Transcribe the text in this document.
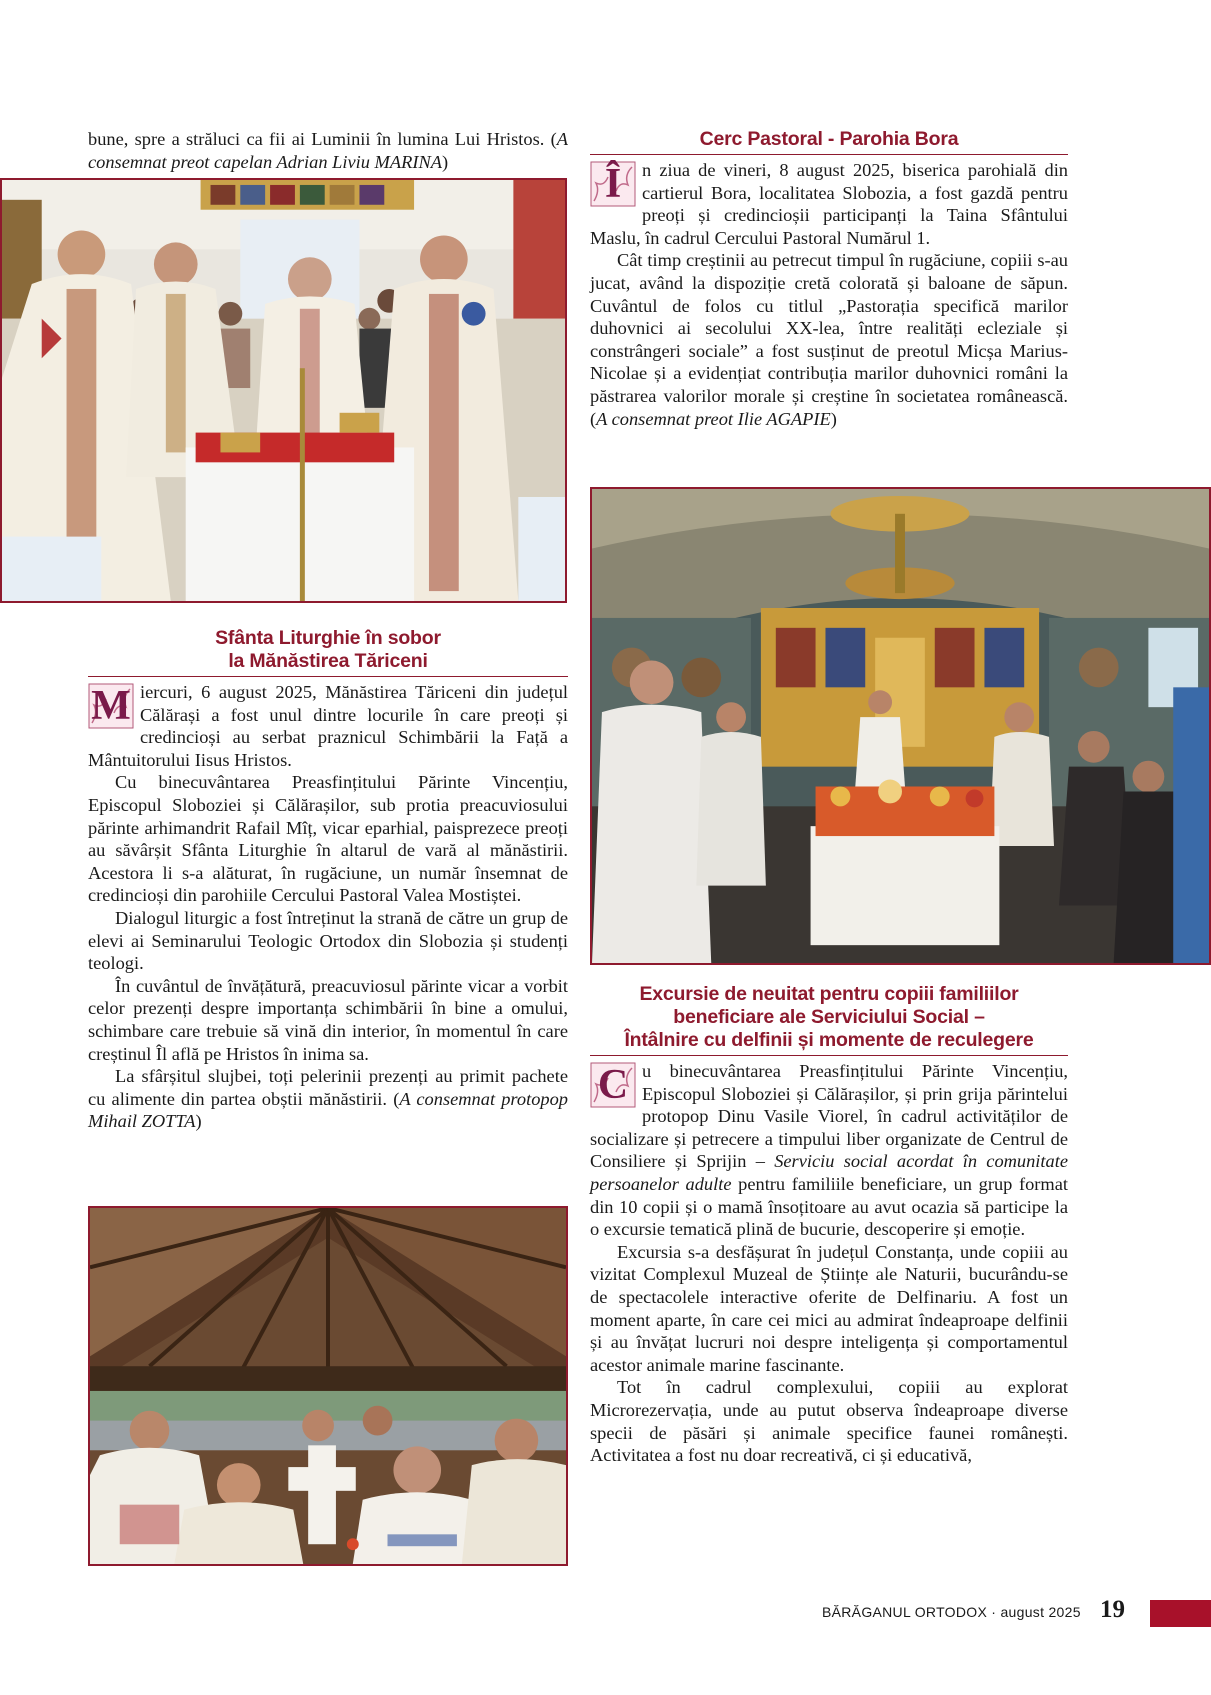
bune, spre a străluci ca fii ai Luminii în lumina Lui Hristos. (A consemnat preot capelan Adrian Liviu MARINA)

Sfânta Liturghie în sobor
la Mănăstirea Tăriceni

M iercuri, 6 august 2025, Mănăstirea Tăriceni din județul Călărași a fost unul dintre locurile în care preoți și credincioși au serbat praznicul Schimbării la Față a Mântuitorului Iisus Hristos.

Cu binecuvântarea Preasfințitului Părinte Vincențiu, Episcopul Sloboziei și Călărașilor, sub protia preacuviosului părinte arhimandrit Rafail Mîț, vicar eparhial, paisprezece preoți au săvârșit Sfânta Liturghie în altarul de vară al mănăstirii. Acestora li s-a alăturat, în rugăciune, un număr însemnat de credincioși din parohiile Cercului Pastoral Valea Mostiștei.

Dialogul liturgic a fost întreținut la strană de către un grup de elevi ai Seminarului Teologic Ortodox din Slobozia și studenți teologi.

În cuvântul de învățătură, preacuviosul părinte vicar a vorbit celor prezenți despre importanța schimbării în bine a omului, schimbare care trebuie să vină din interior, în momentul în care creștinul Îl află pe Hristos în inima sa.

La sfârșitul slujbei, toți pelerinii prezenți au primit pachete cu alimente din partea obștii mănăstirii. (A consemnat protopop Mihail ZOTTA)

Cerc Pastoral - Parohia Bora

Î	n ziua de vineri, 8 august 2025, biserica parohială din cartierul Bora, localitatea Slobozia, a fost gazdă pentru preoți și credincioșii participanți la Taina Sfântului Maslu, în cadrul Cercului Pastoral Numărul 1.

Cât timp creștinii au petrecut timpul în rugăciune, copiii s-au jucat, având la dispoziție cretă colorată și baloane de săpun. Cuvântul de folos cu titlul „Pastorația specifică marilor duhovnici ai secolului XX-lea, între realități ecleziale și constrângeri sociale” a fost susținut de preotul Micșa Marius-Nicolae și a evidențiat contribuția marilor duhovnici români la păstrarea valorilor morale și creștine în societatea românească. (A consemnat preot Ilie AGAPIE)

Excursie de neuitat pentru copiii familiilor
beneficiare ale Serviciului Social –
Întâlnire cu delfinii și momente de reculegere

C u binecuvântarea Preasfințitului Părinte Vincențiu, Episcopul Sloboziei și Călărașilor, și prin grija părintelui protopop Dinu Vasile Viorel, în cadrul activităților de socializare și petrecere a timpului liber organizate de Centrul de Consiliere și Sprijin – Serviciu social acordat în comunitate persoanelor adulte pentru familiile beneficiare, un grup format din 10 copii și o mamă însoțitoare au avut ocazia să participe la o excursie tematică plină de bucurie, descoperire și emoție.

Excursia s-a desfășurat în județul Constanța, unde copiii au vizitat Complexul Muzeal de Științe ale Naturii, bucurându-se de spectacolele interactive oferite de Delfinariu. A fost un moment aparte, în care cei mici au admirat îndeaproape delfinii și au învățat lucruri noi despre inteligența și comportamentul acestor animale marine fascinante.

Tot în cadrul complexului, copiii au explorat Microrezervația, unde au putut observa îndeaproape diverse specii de păsări și animale specifice faunei românești. Activitatea a fost nu doar recreativă, ci și educativă,

BĂRĂGANUL ORTODOX · august 2025 19
